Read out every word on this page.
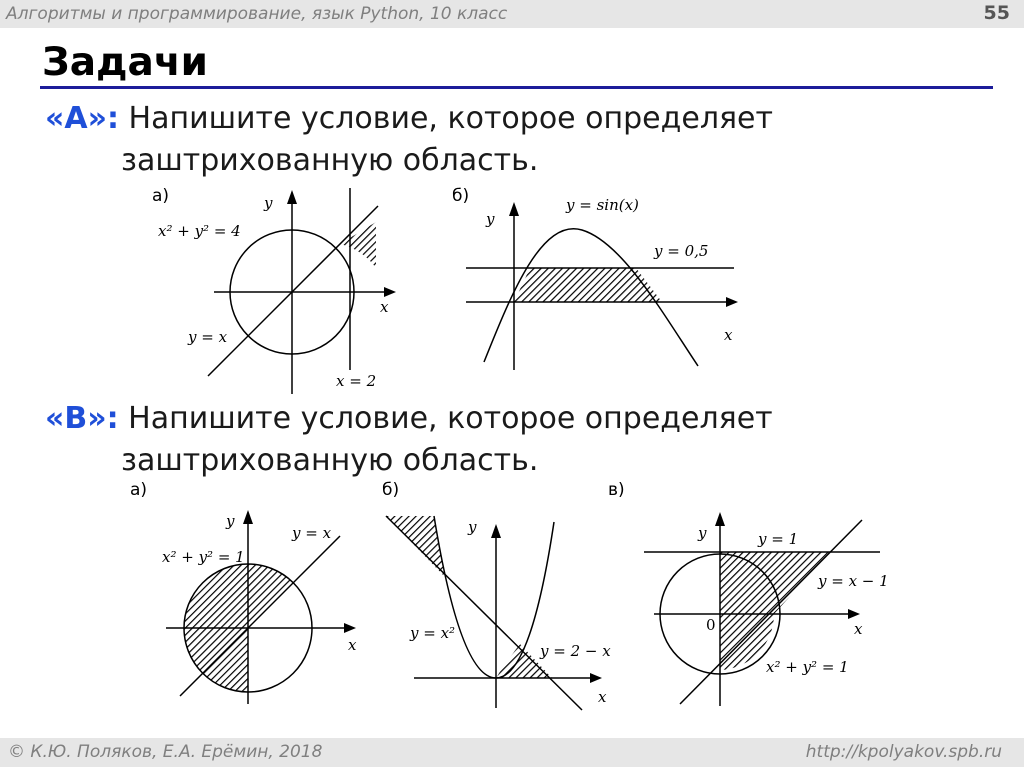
Алгоритмы и программирование, язык Python, 10 класс	55
Задачи
«A»: Напишите условие, которое определяет
заштрихованную область.
«B»: Напишите условие, которое определяет
заштрихованную область.
а)	y
x
x² + y² = 4
y = x
x = 2
б)
y
x
y = sin(x)
y = 0,5
а)
y
x
x² + y² = 1
y = x
б)
y
x
y = x²
y = 2 − x
в)
y
x
y = 1
y = x − 1
x² + y² = 1
0
© К.Ю. Поляков, Е.А. Ерёмин, 2018	http://kpolyakov.spb.ru
